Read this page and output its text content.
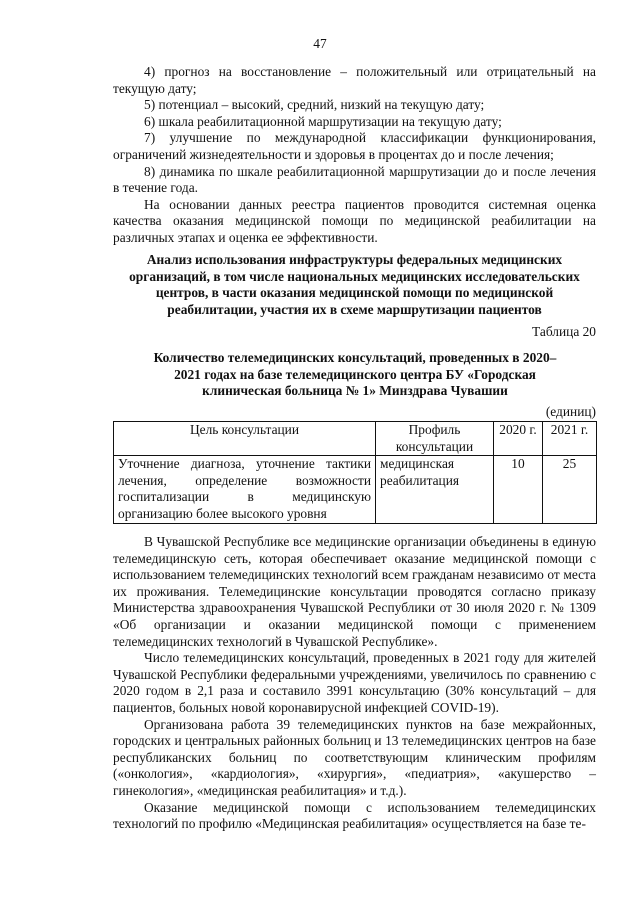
47

4) прогноз на восстановление – положительный или отрицательный на текущую дату;

5) потенциал – высокий, средний, низкий на текущую дату;

6) шкала реабилитационной маршрутизации на текущую дату;

7) улучшение по международной классификации функционирования, ограничений жизнедеятельности и здоровья в процентах до и после лечения;

8) динамика по шкале реабилитационной маршрутизации до и после лечения в течение года.

На основании данных реестра пациентов проводится системная оценка качества оказания медицинской помощи по медицинской реабилитации на различных этапах и оценка ее эффективности.

Анализ использования инфраструктуры федеральных медицинских организаций, в том числе национальных медицинских исследовательских центров, в части оказания медицинской помощи по медицинской реабилитации, участия их в схеме маршрутизации пациентов

Таблица 20

Количество телемедицинских консультаций, проведенных в 2020–2021 годах на базе телемедицинского центра БУ «Городская клиническая больница № 1» Минздрава Чувашии

(единиц)

Цель консультации	Профиль консультации	2020 г.	2021 г.
Уточнение диагноза, уточнение тактики лечения, определение возможности госпитализации в медицинскую организацию более высокого уровня	медицинская реабилитация	10	25

В Чувашской Республике все медицинские организации объединены в единую телемедицинскую сеть, которая обеспечивает оказание медицинской помощи с использованием телемедицинских технологий всем гражданам независимо от места их проживания. Телемедицинские консультации проводятся согласно приказу Министерства здравоохранения Чувашской Республики от 30 июля 2020 г. № 1309 «Об организации и оказании медицинской помощи с применением телемедицинских технологий в Чувашской Республике».

Число телемедицинских консультаций, проведенных в 2021 году для жителей Чувашской Республики федеральными учреждениями, увеличилось по сравнению с 2020 годом в 2,1 раза и составило 3991 консультацию (30% консультаций – для пациентов, больных новой коронавирусной инфекцией COVID-19).

Организована работа 39 телемедицинских пунктов на базе межрайонных, городских и центральных районных больниц и 13 телемедицинских центров на базе республиканских больниц по соответствующим клиническим профилям («онкология», «кардиология», «хирургия», «педиатрия», «акушерство – гинекология», «медицинская реабилитация» и т.д.).

Оказание медицинской помощи с использованием телемедицинских технологий по профилю «Медицинская реабилитация» осуществляется на базе те-
